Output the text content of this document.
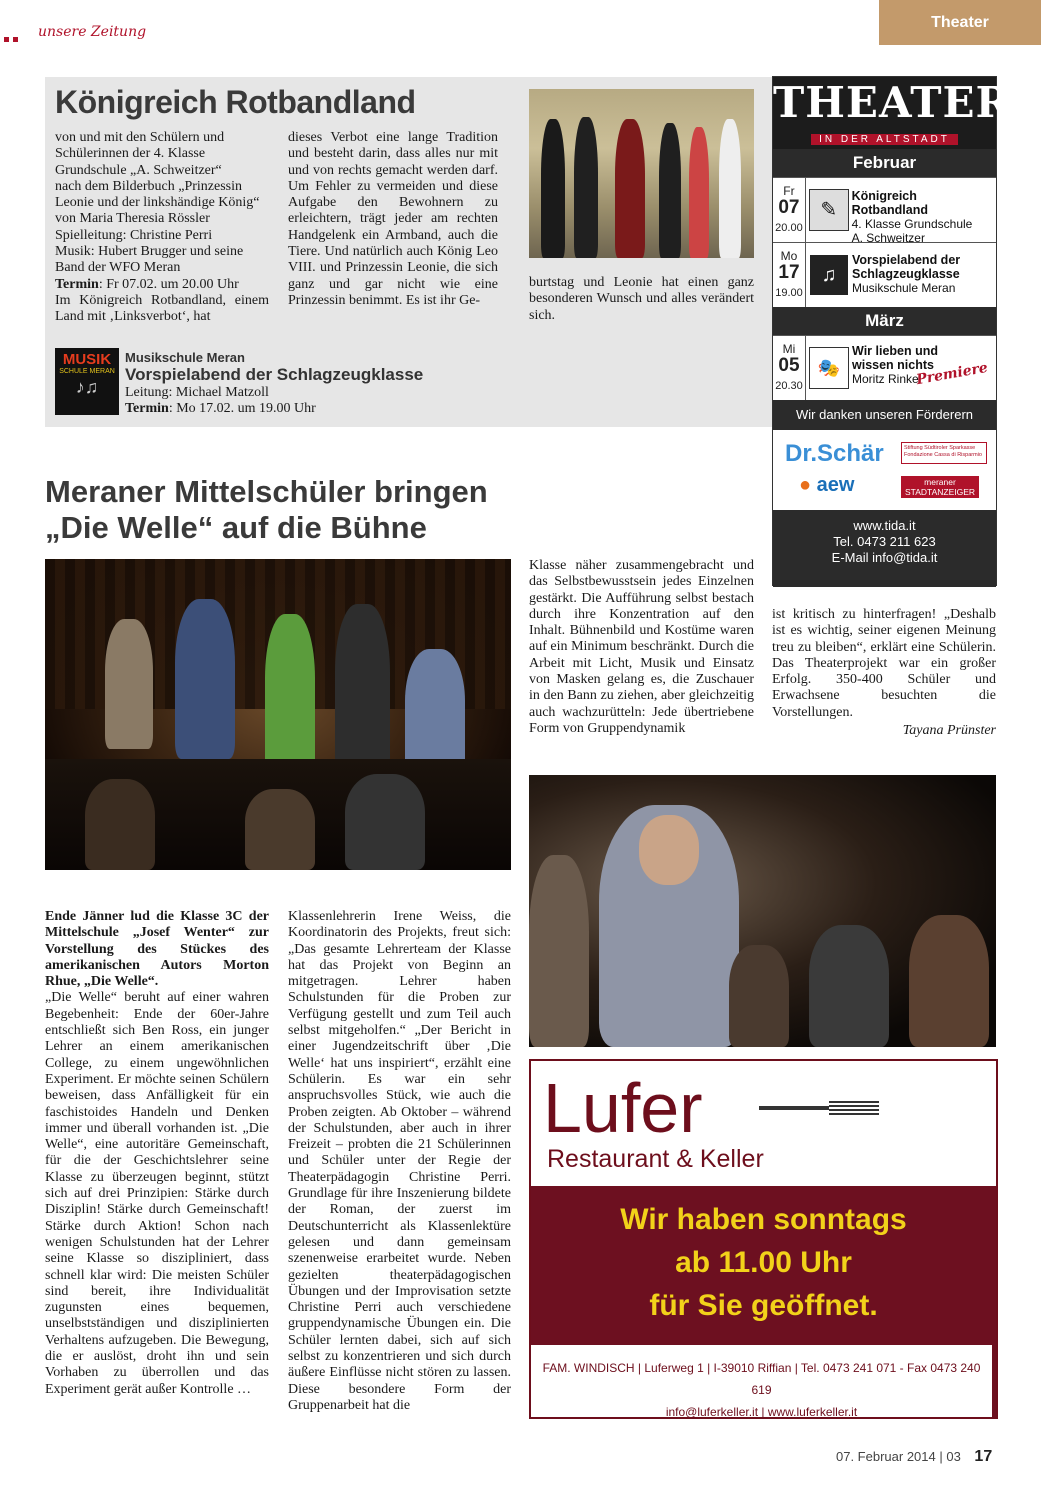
unsere Zeitung
Theater
Königreich Rotbandland

von und mit den Schülern und Schülerinnen der 4. Klasse Grundschule „A. Schweitzer“

nach dem Bilderbuch „Prinzessin Leonie und der linkshändige König“ von Maria Theresia Rössler

Spielleitung: Christine Perri

Musik: Hubert Brugger und seine Band der WFO Meran

Termin: Fr 07.02. um 20.00 Uhr

Im Königreich Rotbandland, einem Land mit ‚Linksverbot‘, hat

dieses Verbot eine lange Tradition und besteht darin, dass alles nur mit und von rechts gemacht werden darf. Um Fehler zu vermeiden und diese Aufgabe den Bewohnern zu erleichtern, trägt jeder am rechten Handgelenk ein Armband, auch die Tiere. Und natürlich auch König Leo VIII. und Prinzessin Leonie, die sich ganz und gar nicht wie eine Prinzessin benimmt. Es ist ihr Ge-

burtstag und Leonie hat einen ganz besonderen Wunsch und alles verändert sich.

MUSIK
SCHULE MERAN
♪♫
Musikschule Meran
Vorspielabend der Schlagzeugklasse
Leitung: Michael Matzoll
Termin: Mo 17.02. um 19.00 Uhr
THEATER
IN DER ALTSTADT
Februar
Fr
07
20.00
✎
Königreich Rotbandland
4. Klasse Grundschule
A. Schweitzer
Mo
17
19.00
♫
Vorspielabend der Schlagzeugklasse
Musikschule Meran
März
Mi
05
20.30
🎭
Wir lieben und wissen nichts
Moritz Rinke
Premiere
Wir danken unseren Förderern
Dr.Schär
● aew
Stiftung Südtiroler Sparkasse Fondazione Cassa di Risparmio
meraner STADTANZEIGER
www.tida.it
Tel. 0473 211 623
E-Mail info@tida.it
Meraner Mittelschüler bringen
„Die Welle“ auf die Bühne

Ende Jänner lud die Klasse 3C der Mittelschule „Josef Wenter“ zur Vorstellung des Stückes des amerikanischen Autors Morton Rhue, „Die Welle“.

„Die Welle“ beruht auf einer wahren Begebenheit: Ende der 60er-Jahre entschließt sich Ben Ross, ein junger Lehrer an einem amerikanischen College, zu einem ungewöhnlichen Experiment. Er möchte seinen Schülern beweisen, dass Anfälligkeit für ein faschistoides Handeln und Denken immer und überall vorhanden ist. „Die Welle“, eine autoritäre Gemeinschaft, für die der Geschichtslehrer seine Klasse zu überzeugen beginnt, stützt sich auf drei Prinzipien: Stärke durch Disziplin! Stärke durch Gemeinschaft! Stärke durch Aktion! Schon nach wenigen Schulstunden hat der Lehrer seine Klasse so diszipliniert, dass schnell klar wird: Die meisten Schüler sind bereit, ihre Individualität zugunsten eines bequemen, unselbstständigen und disziplinierten Verhaltens aufzugeben. Die Bewegung, die er auslöst, droht ihn und sein Vorhaben zu überrollen und das Experiment gerät außer Kontrolle …

Klassenlehrerin Irene Weiss, die Koordinatorin des Projekts, freut sich: „Das gesamte Lehrerteam der Klasse hat das Projekt von Beginn an mitgetragen. Lehrer haben Schulstunden für die Proben zur Verfügung gestellt und zum Teil auch selbst mitgeholfen.“ „Der Bericht in einer Jugendzeitschrift über ‚Die Welle‘ hat uns inspiriert“, erzählt eine Schülerin. Es war ein sehr anspruchsvolles Stück, wie auch die Proben zeigten. Ab Oktober – während der Schulstunden, aber auch in ihrer Freizeit – probten die 21 Schülerinnen und Schüler unter der Regie der Theaterpädagogin Christine Perri. Grundlage für ihre Inszenierung bildete der Roman, der zuerst im Deutschunterricht als Klassenlektüre gelesen und dann gemeinsam szenenweise erarbeitet wurde. Neben gezielten theaterpädagogischen Übungen und der Improvisation setzte Christine Perri auch verschiedene gruppendynamische Übungen ein. Die Schüler lernten dabei, sich auf sich selbst zu konzentrieren und sich durch äußere Einflüsse nicht stören zu lassen. Diese besondere Form der Gruppenarbeit hat die

Klasse näher zusammengebracht und das Selbstbewusstsein jedes Einzelnen gestärkt. Die Aufführung selbst bestach durch ihre Konzentration auf den Inhalt. Bühnenbild und Kostüme waren auf ein Minimum beschränkt. Durch die Arbeit mit Licht, Musik und Einsatz von Masken gelang es, die Zuschauer in den Bann zu ziehen, aber gleichzeitig auch wachzurütteln: Jede übertriebene Form von Gruppendynamik

ist kritisch zu hinterfragen! „Deshalb ist es wichtig, seiner eigenen Meinung treu zu bleiben“, erklärt eine Schülerin. Das Theaterprojekt war ein großer Erfolg. 350-400 Schüler und Erwachsene besuchten die Vorstellungen.

Tayana Prünster

Lufer
Restaurant & Keller
Wir haben sonntags
ab 11.00 Uhr
für Sie geöffnet.
FAM. WINDISCH | Luferweg 1 | I-39010 Riffian | Tel. 0473 241 071 - Fax 0473 240 619
info@luferkeller.it | www.luferkeller.it
07. Februar 2014 | 03 17
